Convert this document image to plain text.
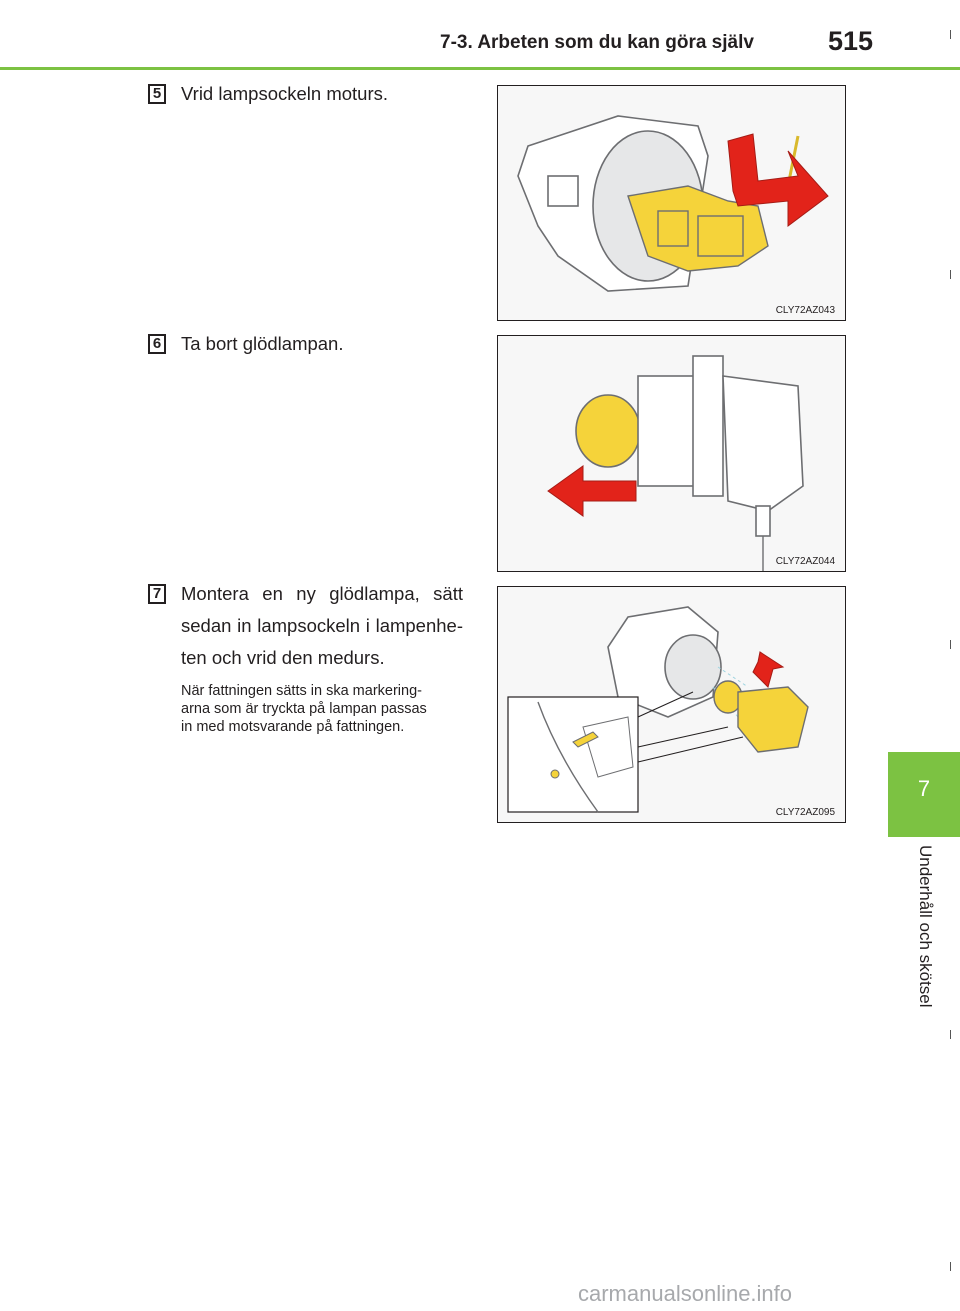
7-3. Arbeten som du kan göra själv	515
5 Vrid lampsockeln moturs.
CLY72AZ043
6 Ta bort glödlampan.
CLY72AZ044
7 Montera en ny glödlampa, sätt
sedan in lampsockeln i lampenhe-
ten och vrid den medurs.
När fattningen sätts in ska markering-
arna som är tryckta på lampan passas
in med motsvarande på fattningen.
CLY72AZ095
7
Underhåll och skötsel
carmanualsonline.info
